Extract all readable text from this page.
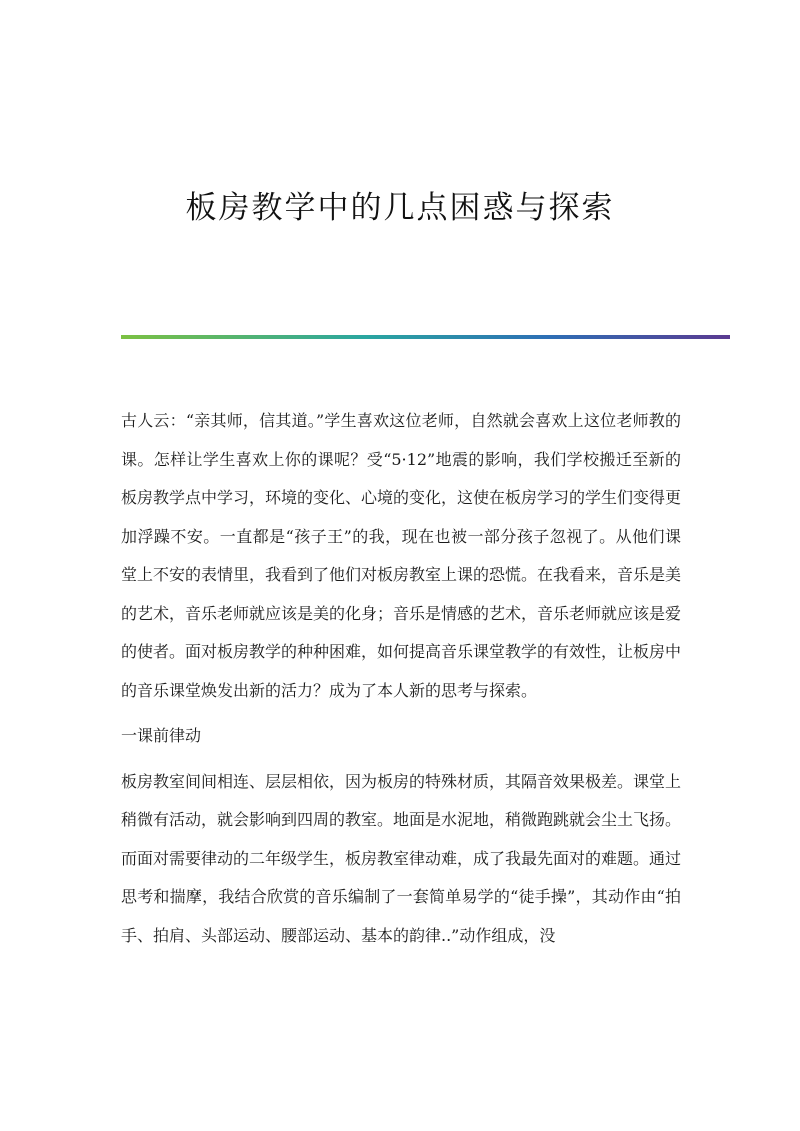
板房教学中的几点困惑与探索

古人云：“亲其师，信其道。”学生喜欢这位老师，自然就会喜欢上这位老师教的课。怎样让学生喜欢上你的课呢？受“5·12”地震的影响，我们学校搬迁至新的板房教学点中学习，环境的变化、心境的变化，这使在板房学习的学生们变得更加浮躁不安。一直都是“孩子王”的我，现在也被一部分孩子忽视了。从他们课堂上不安的表情里，我看到了他们对板房教室上课的恐慌。在我看来，音乐是美的艺术，音乐老师就应该是美的化身；音乐是情感的艺术，音乐老师就应该是爱的使者。面对板房教学的种种困难，如何提高音乐课堂教学的有效性，让板房中的音乐课堂焕发出新的活力？成为了本人新的思考与探索。

一课前律动

板房教室间间相连、层层相依，因为板房的特殊材质，其隔音效果极差。课堂上稍微有活动，就会影响到四周的教室。地面是水泥地，稍微跑跳就会尘土飞扬。而面对需要律动的二年级学生，板房教室律动难，成了我最先面对的难题。通过思考和揣摩，我结合欣赏的音乐编制了一套简单易学的“徒手操”，其动作由“拍手、拍肩、头部运动、腰部运动、基本的韵律..”动作组成，没
